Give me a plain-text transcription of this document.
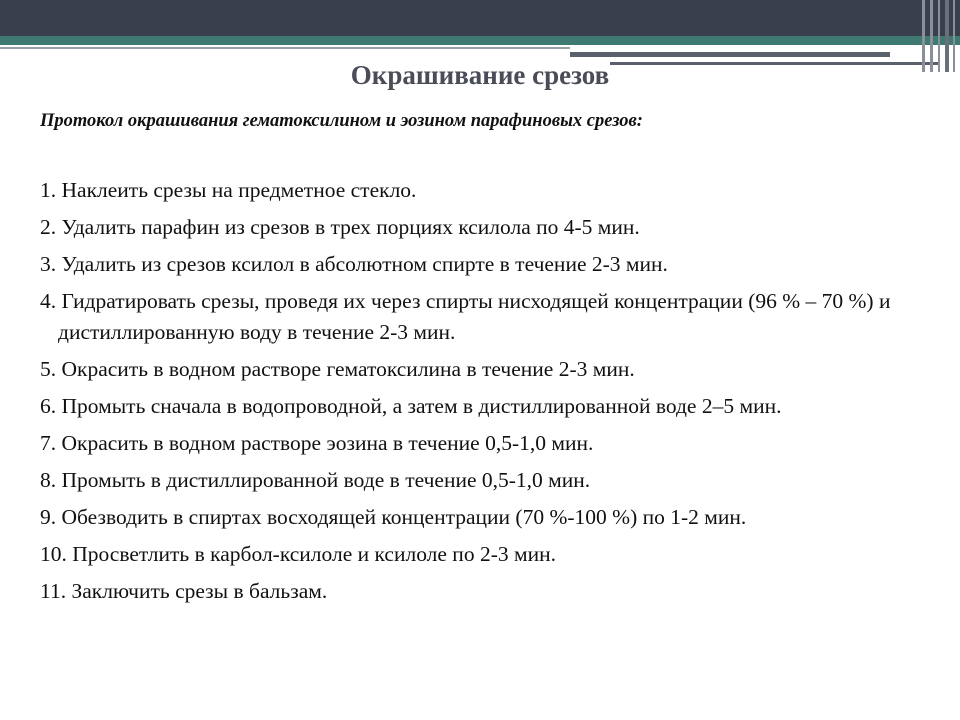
Окрашивание срезов
Протокол окрашивания гематоксилином и эозином парафиновых срезов:
1. Наклеить срезы на предметное стекло.
2. Удалить парафин из срезов в трех порциях ксилола по 4-5 мин.
3. Удалить из срезов ксилол в абсолютном спирте в течение 2-3 мин.
4. Гидратировать срезы, проведя их через спирты нисходящей концентрации (96 % – 70 %) и дистиллированную воду в течение 2-3 мин.
5. Окрасить в водном растворе гематоксилина в течение 2-3 мин.
6. Промыть сначала в водопроводной, а затем в дистиллированной воде 2–5 мин.
7. Окрасить в водном растворе эозина в течение 0,5-1,0 мин.
8. Промыть в дистиллированной воде в течение 0,5-1,0 мин.
9. Обезводить в спиртах восходящей концентрации (70 %-100 %) по 1-2 мин.
10. Просветлить в карбол-ксилоле и ксилоле по 2-3 мин.
11. Заключить срезы в бальзам.
